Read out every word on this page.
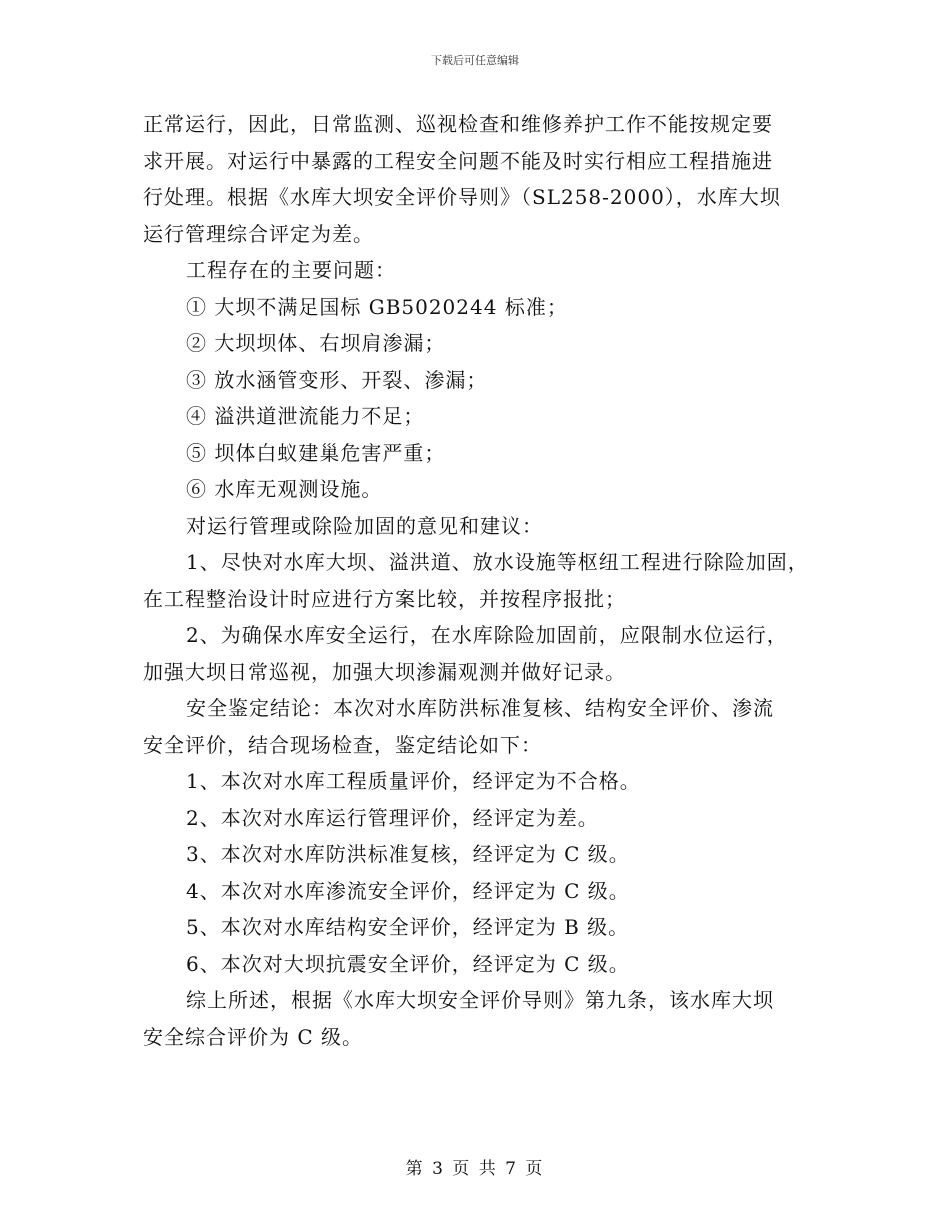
下载后可任意编辑
正常运行，因此，日常监测、巡视检查和维修养护工作不能按规定要
求开展。对运行中暴露的工程安全问题不能及时实行相应工程措施进
行处理。根据《水库大坝安全评价导则》（SL258-2000），水库大坝
运行管理综合评定为差。
工程存在的主要问题：
① 大坝不满足国标 GB5020244 标准；
② 大坝坝体、右坝肩渗漏；
③ 放水涵管变形、开裂、渗漏；
④ 溢洪道泄流能力不足；
⑤ 坝体白蚁建巢危害严重；
⑥ 水库无观测设施。
对运行管理或除险加固的意见和建议：
1、尽快对水库大坝、溢洪道、放水设施等枢纽工程进行除险加固，
在工程整治设计时应进行方案比较，并按程序报批；
2、为确保水库安全运行，在水库除险加固前，应限制水位运行，
加强大坝日常巡视，加强大坝渗漏观测并做好记录。
安全鉴定结论：本次对水库防洪标准复核、结构安全评价、渗流
安全评价，结合现场检查，鉴定结论如下：
1、本次对水库工程质量评价，经评定为不合格。
2、本次对水库运行管理评价，经评定为差。
3、本次对水库防洪标准复核，经评定为 C 级。
4、本次对水库渗流安全评价，经评定为 C 级。
5、本次对水库结构安全评价，经评定为 B 级。
6、本次对大坝抗震安全评价，经评定为 C 级。
综上所述，根据《水库大坝安全评价导则》第九条，该水库大坝
安全综合评价为 C 级。
第 3 页 共 7 页
